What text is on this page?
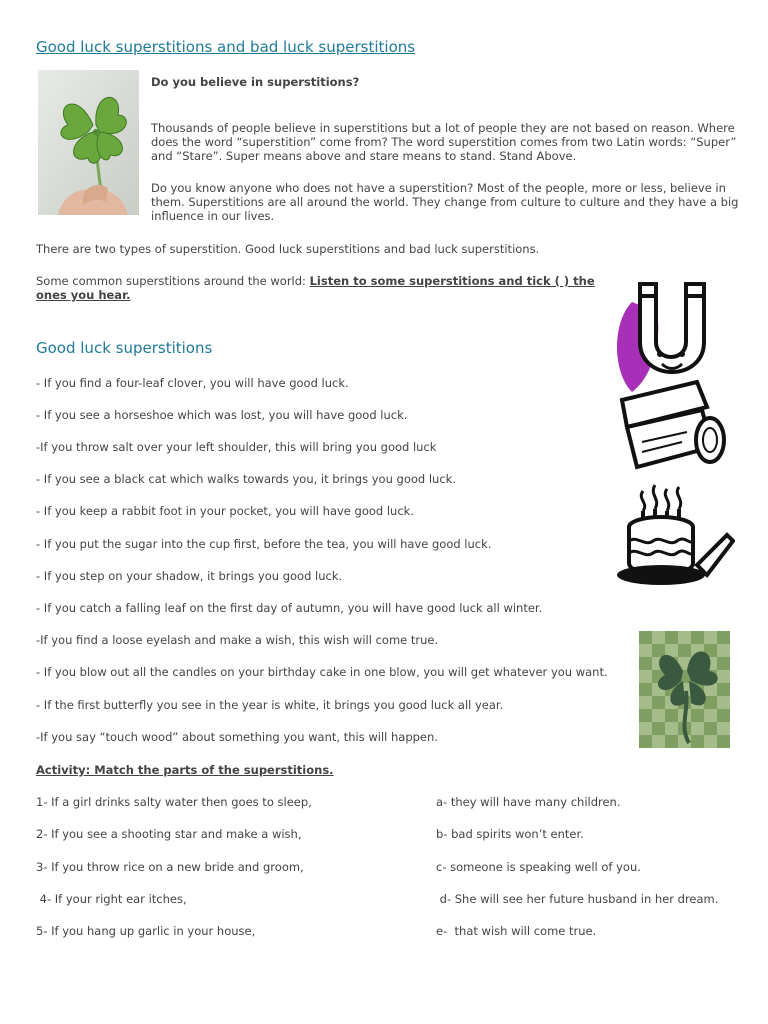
Good luck superstitions and bad luck superstitions
Do you believe in superstitions?
Thousands of people believe in superstitions but a lot of people they are not based on reason. Where does the word “superstition” come from? The word superstition comes from two Latin words: “Super” and “Stare”. Super means above and stare means to stand. Stand Above.
Do you know anyone who does not have a superstition? Most of the people, more or less, believe in them. Superstitions are all around the world. They change from culture to culture and they have a big influence in our lives.
There are two types of superstition. Good luck superstitions and bad luck superstitions.
Some common superstitions around the world: Listen to some superstitions and tick ( ) the ones you hear.
Good luck superstitions
- If you find a four-leaf clover, you will have good luck.
- If you see a horseshoe which was lost, you will have good luck.
-If you throw salt over your left shoulder, this will bring you good luck
- If you see a black cat which walks towards you, it brings you good luck.
- If you keep a rabbit foot in your pocket, you will have good luck.
- If you put the sugar into the cup first, before the tea, you will have good luck.
- If you step on your shadow, it brings you good luck.
- If you catch a falling leaf on the first day of autumn, you will have good luck all winter.
-If you find a loose eyelash and make a wish, this wish will come true.
- If you blow out all the candles on your birthday cake in one blow, you will get whatever you want.
- If the first butterfly you see in the year is white, it brings you good luck all year.
-If you say “touch wood” about something you want, this will happen.
Activity: Match the parts of the superstitions.
1- If a girl drinks salty water then goes to sleep,
2- If you see a shooting star and make a wish,
3- If you throw rice on a new bride and groom,
4- If your right ear itches,
5- If you hang up garlic in your house,
a- they will have many children.
b- bad spirits won’t enter.
c- someone is speaking well of you.
d- She will see her future husband in her dream.
e-  that wish will come true.
